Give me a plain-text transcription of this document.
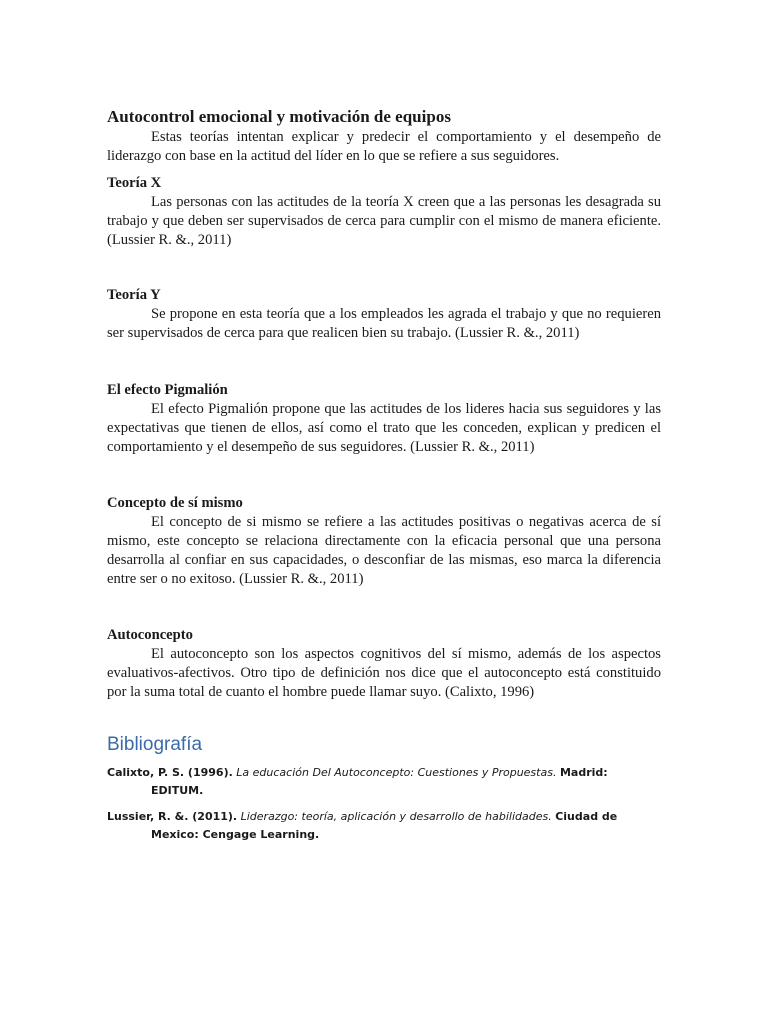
Autocontrol emocional y motivación de equipos

Estas teorías intentan explicar y predecir el comportamiento y el desempeño de liderazgo con base en la actitud del líder en lo que se refiere a sus seguidores.

Teoría X

Las personas con las actitudes de la teoría X creen que a las personas les desagrada su trabajo y que deben ser supervisados de cerca para cumplir con el mismo de manera eficiente. (Lussier R. &., 2011)

Teoría Y

Se propone en esta teoría que a los empleados les agrada el trabajo y que no requieren ser supervisados de cerca para que realicen bien su trabajo. (Lussier R. &., 2011)

El efecto Pigmalión

El efecto Pigmalión propone que las actitudes de los lideres hacia sus seguidores y las expectativas que tienen de ellos, así como el trato que les conceden, explican y predicen el comportamiento y el desempeño de sus seguidores. (Lussier R. &., 2011)

Concepto de sí mismo

El concepto de si mismo se refiere a las actitudes positivas o negativas acerca de sí mismo, este concepto se relaciona directamente con la eficacia personal que una persona desarrolla al confiar en sus capacidades, o desconfiar de las mismas, eso marca la diferencia entre ser o no exitoso. (Lussier R. &., 2011)

Autoconcepto

El autoconcepto son los aspectos cognitivos del sí mismo, además de los aspectos evaluativos-afectivos. Otro tipo de definición nos dice que el autoconcepto está constituido por la suma total de cuanto el hombre puede llamar suyo. (Calixto, 1996)

Bibliografía

Calixto, P. S. (1996). La educación Del Autoconcepto: Cuestiones y Propuestas. Madrid: EDITUM.

Lussier, R. &. (2011). Liderazgo: teoría, aplicación y desarrollo de habilidades. Ciudad de Mexico: Cengage Learning.
